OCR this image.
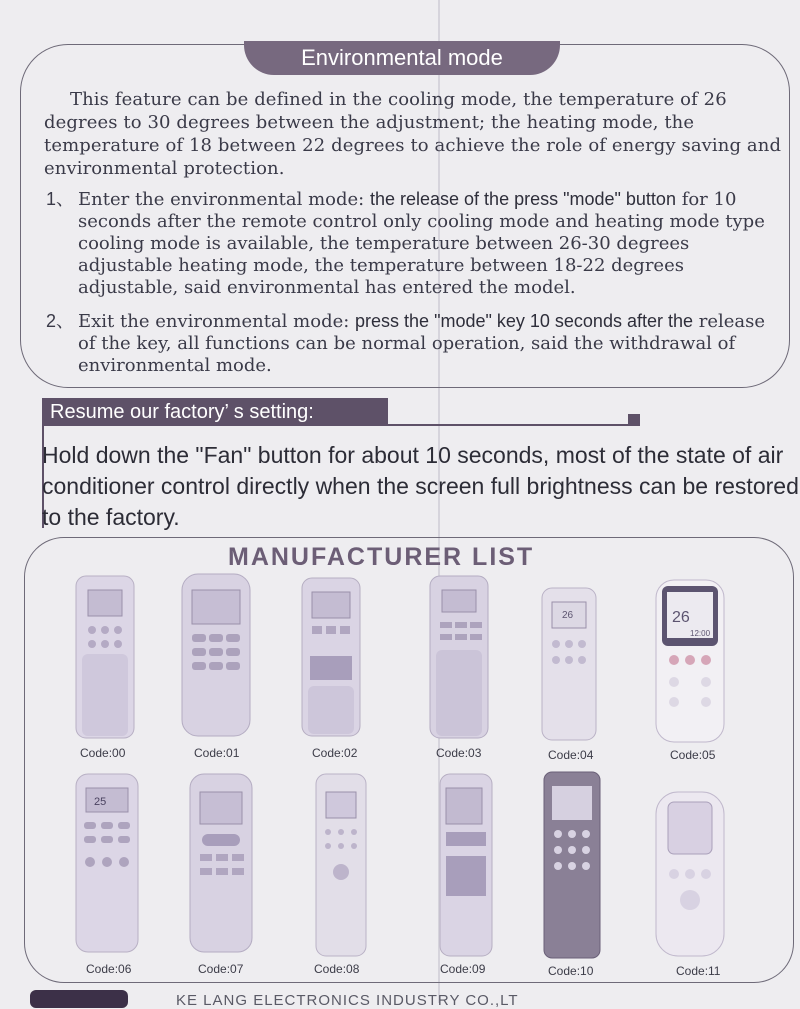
Environmental mode
This feature can be defined in the cooling mode, the temperature of 26 degrees to 30 degrees between the adjustment; the heating mode, the temperature of 18 between 22 degrees to achieve the role of energy saving and environmental protection.
1、 Enter the environmental mode: the release of the press "mode" button for 10 seconds after the remote control only cooling mode and heating mode type cooling mode is available, the temperature between 26-30 degrees adjustable heating mode, the temperature between 18-22 degrees adjustable, said environmental has entered the model.
2、 Exit the environmental mode: press the "mode" key 10 seconds after the release of the key, all functions can be normal operation, said the withdrawal of environmental mode.
Resume our factory’ s setting:
Hold down the "Fan" button for about 10 seconds, most of the state of air conditioner control directly when the screen full brightness can be restored to the factory.
MANUFACTURER LIST
26	26
12:00
Code:00	Code:01	Code:02	Code:03	Code:04	Code:05
25
Code:06	Code:07	Code:08	Code:09	Code:10	Code:11
KE LANG ELECTRONICS INDUSTRY CO.,LT
